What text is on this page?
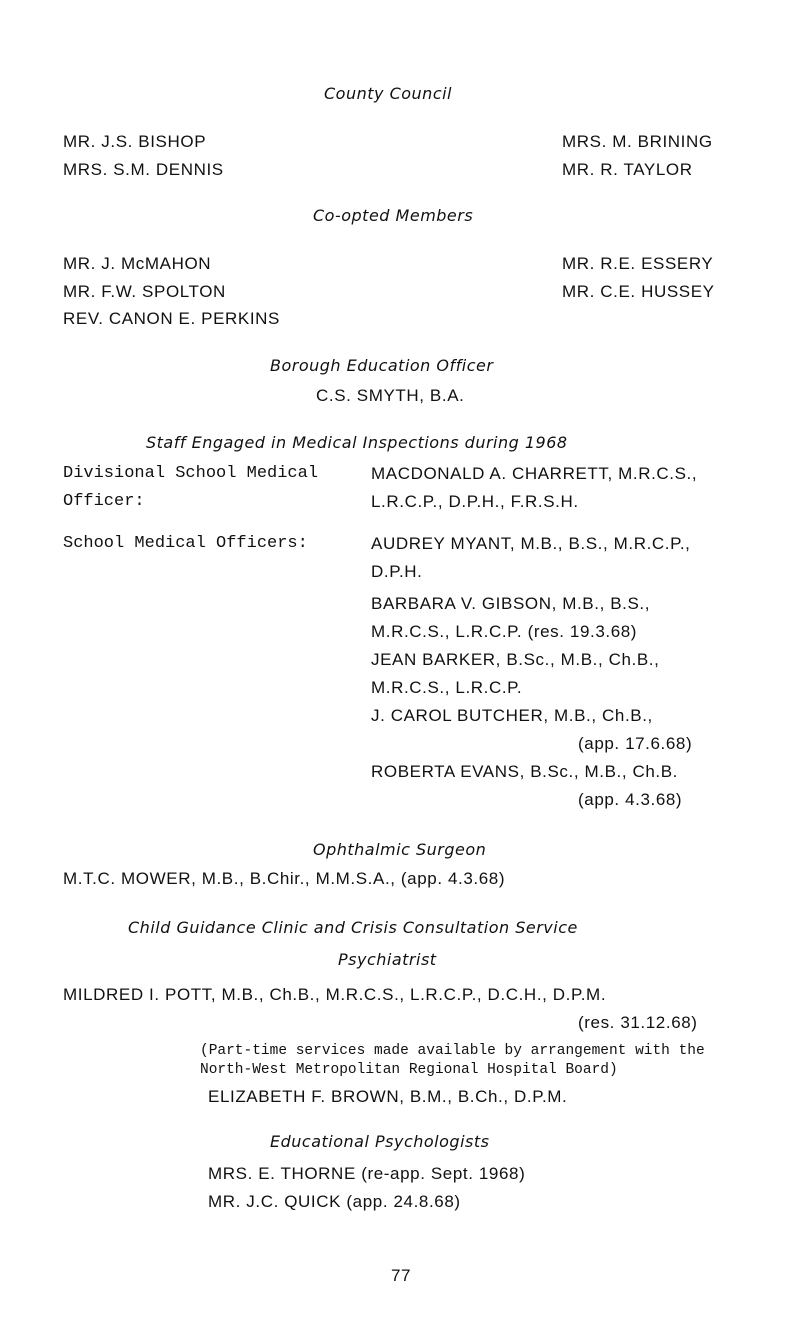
County Council
MR. J.S. BISHOP
MRS. S.M. DENNIS
MRS. M. BRINING
MR. R. TAYLOR
Co-opted Members
MR. J. McMAHON
MR. F.W. SPOLTON
REV. CANON E. PERKINS
MR. R.E. ESSERY
MR. C.E. HUSSEY
Borough Education Officer
C.S. SMYTH, B.A.
Staff Engaged in Medical Inspections during 1968
Divisional School Medical
Officer:
MACDONALD A. CHARRETT, M.R.C.S.,
L.R.C.P., D.P.H., F.R.S.H.
School Medical Officers:	AUDREY MYANT, M.B., B.S., M.R.C.P.,
D.P.H.
BARBARA V. GIBSON, M.B., B.S.,
M.R.C.S., L.R.C.P. (res. 19.3.68)
JEAN BARKER, B.Sc., M.B., Ch.B.,
M.R.C.S., L.R.C.P.
J. CAROL BUTCHER, M.B., Ch.B.,
(app. 17.6.68)
ROBERTA EVANS, B.Sc., M.B., Ch.B.
(app. 4.3.68)
Ophthalmic Surgeon
M.T.C. MOWER, M.B., B.Chir., M.M.S.A., (app. 4.3.68)
Child Guidance Clinic and Crisis Consultation Service
Psychiatrist
MILDRED I. POTT, M.B., Ch.B., M.R.C.S., L.R.C.P., D.C.H., D.P.M.
(res. 31.12.68)
(Part-time services made available by arrangement with the
North-West Metropolitan Regional Hospital Board)
ELIZABETH F. BROWN, B.M., B.Ch., D.P.M.
Educational Psychologists
MRS. E. THORNE (re-app. Sept. 1968)
MR. J.C. QUICK (app. 24.8.68)
77
